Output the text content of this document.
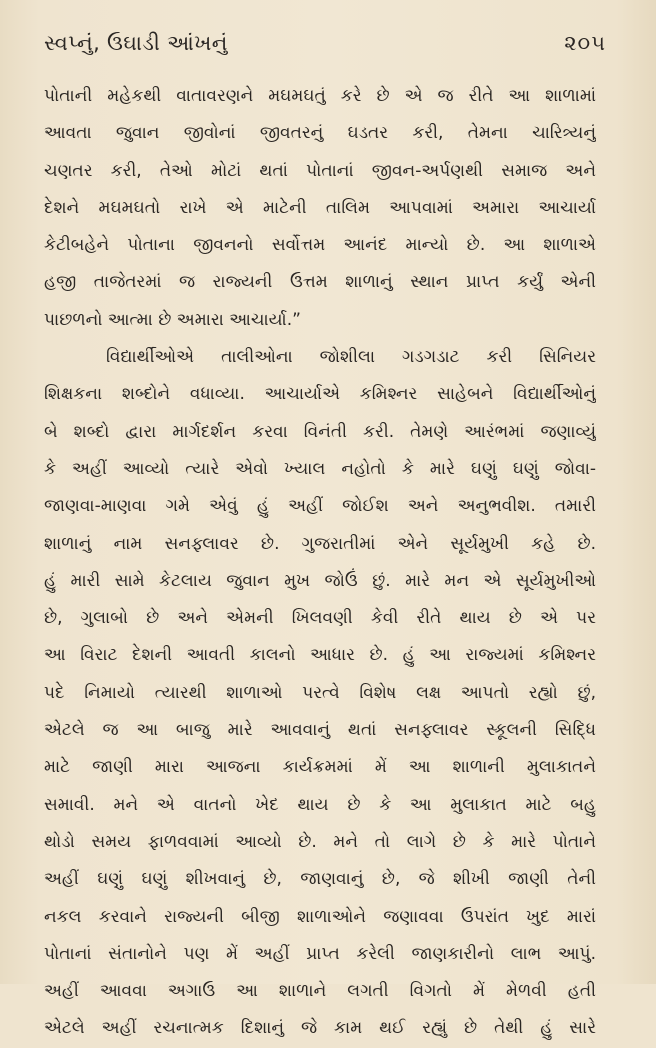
સ્વપ્નું, ઉઘાડી આંખનું	૨૦૫
પોતાની મહેકથી વાતાવરણને મઘમઘતું કરે છે એ જ રીતે આ શાળામાં
આવતા જુવાન જીવોનાં જીવતરનું ઘડતર કરી, તેમના ચારિત્ર્યનું
ચણતર કરી, તેઓ મોટાં થતાં પોતાનાં જીવન-અર્પણથી સમાજ અને
દેશને મઘમઘતો રાખે એ માટેની તાલિમ આપવામાં અમારા આચાર્યા
કેટીબહેને પોતાના જીવનનો સર્વોત્તમ આનંદ માન્યો છે. આ શાળાએ
હજી તાજેતરમાં જ રાજ્યની ઉત્તમ શાળાનું સ્થાન પ્રાપ્ત કર્યું એની
પાછળનો આત્મા છે અમારા આચાર્યા.”
વિદ્યાર્થીઓએ તાલીઓના જોશીલા ગડગડાટ કરી સિનિયર
શિક્ષકના શબ્દોને વધાવ્યા. આચાર્યાએ કમિશ્નર સાહેબને વિદ્યાર્થીઓનું
બે શબ્દો દ્વારા માર્ગદર્શન કરવા વિનંતી કરી. તેમણે આરંભમાં જણાવ્યું
કે અહીં આવ્યો ત્યારે એવો ખ્યાલ નહોતો કે મારે ઘણું ઘણું જોવા-
જાણવા-માણવા ગમે એવું હું અહીં જોઈશ અને અનુભવીશ. તમારી
શાળાનું નામ સનફ્લાવર છે. ગુજરાતીમાં એને સૂર્યમુખી કહે છે.
હું મારી સામે કેટલાય જુવાન મુખ જોઉં છું. મારે મન એ સૂર્યમુખીઓ
છે, ગુલાબો છે અને એમની ખિલવણી કેવી રીતે થાય છે એ પર
આ વિરાટ દેશની આવતી કાલનો આધાર છે. હું આ રાજ્યમાં કમિશ્નર
પદે નિમાયો ત્યારથી શાળાઓ પરત્વે વિશેષ લક્ષ આપતો રહ્યો છું,
એટલે જ આ બાજુ મારે આવવાનું થતાં સનફ્લાવર સ્કૂલની સિદ્ધિ
માટે જાણી મારા આજના કાર્યક્રમમાં મેં આ શાળાની મુલાકાતને
સમાવી. મને એ વાતનો ખેદ થાય છે કે આ મુલાકાત માટે બહુ
થોડો સમય ફાળવવામાં આવ્યો છે. મને તો લાગે છે કે મારે પોતાને
અહીં ઘણું ઘણું શીખવાનું છે, જાણવાનું છે, જે શીખી જાણી તેની
નકલ કરવાને રાજ્યની બીજી શાળાઓને જણાવવા ઉપરાંત ખુદ મારાં
પોતાનાં સંતાનોને પણ મેં અહીં પ્રાપ્ત કરેલી જાણકારીનો લાભ આપું.
અહીં આવવા અગાઉ આ શાળાને લગતી વિગતો મેં મેળવી હતી
એટલે અહીં રચનાત્મક દિશાનું જે કામ થઈ રહ્યું છે તેથી હું સારે
